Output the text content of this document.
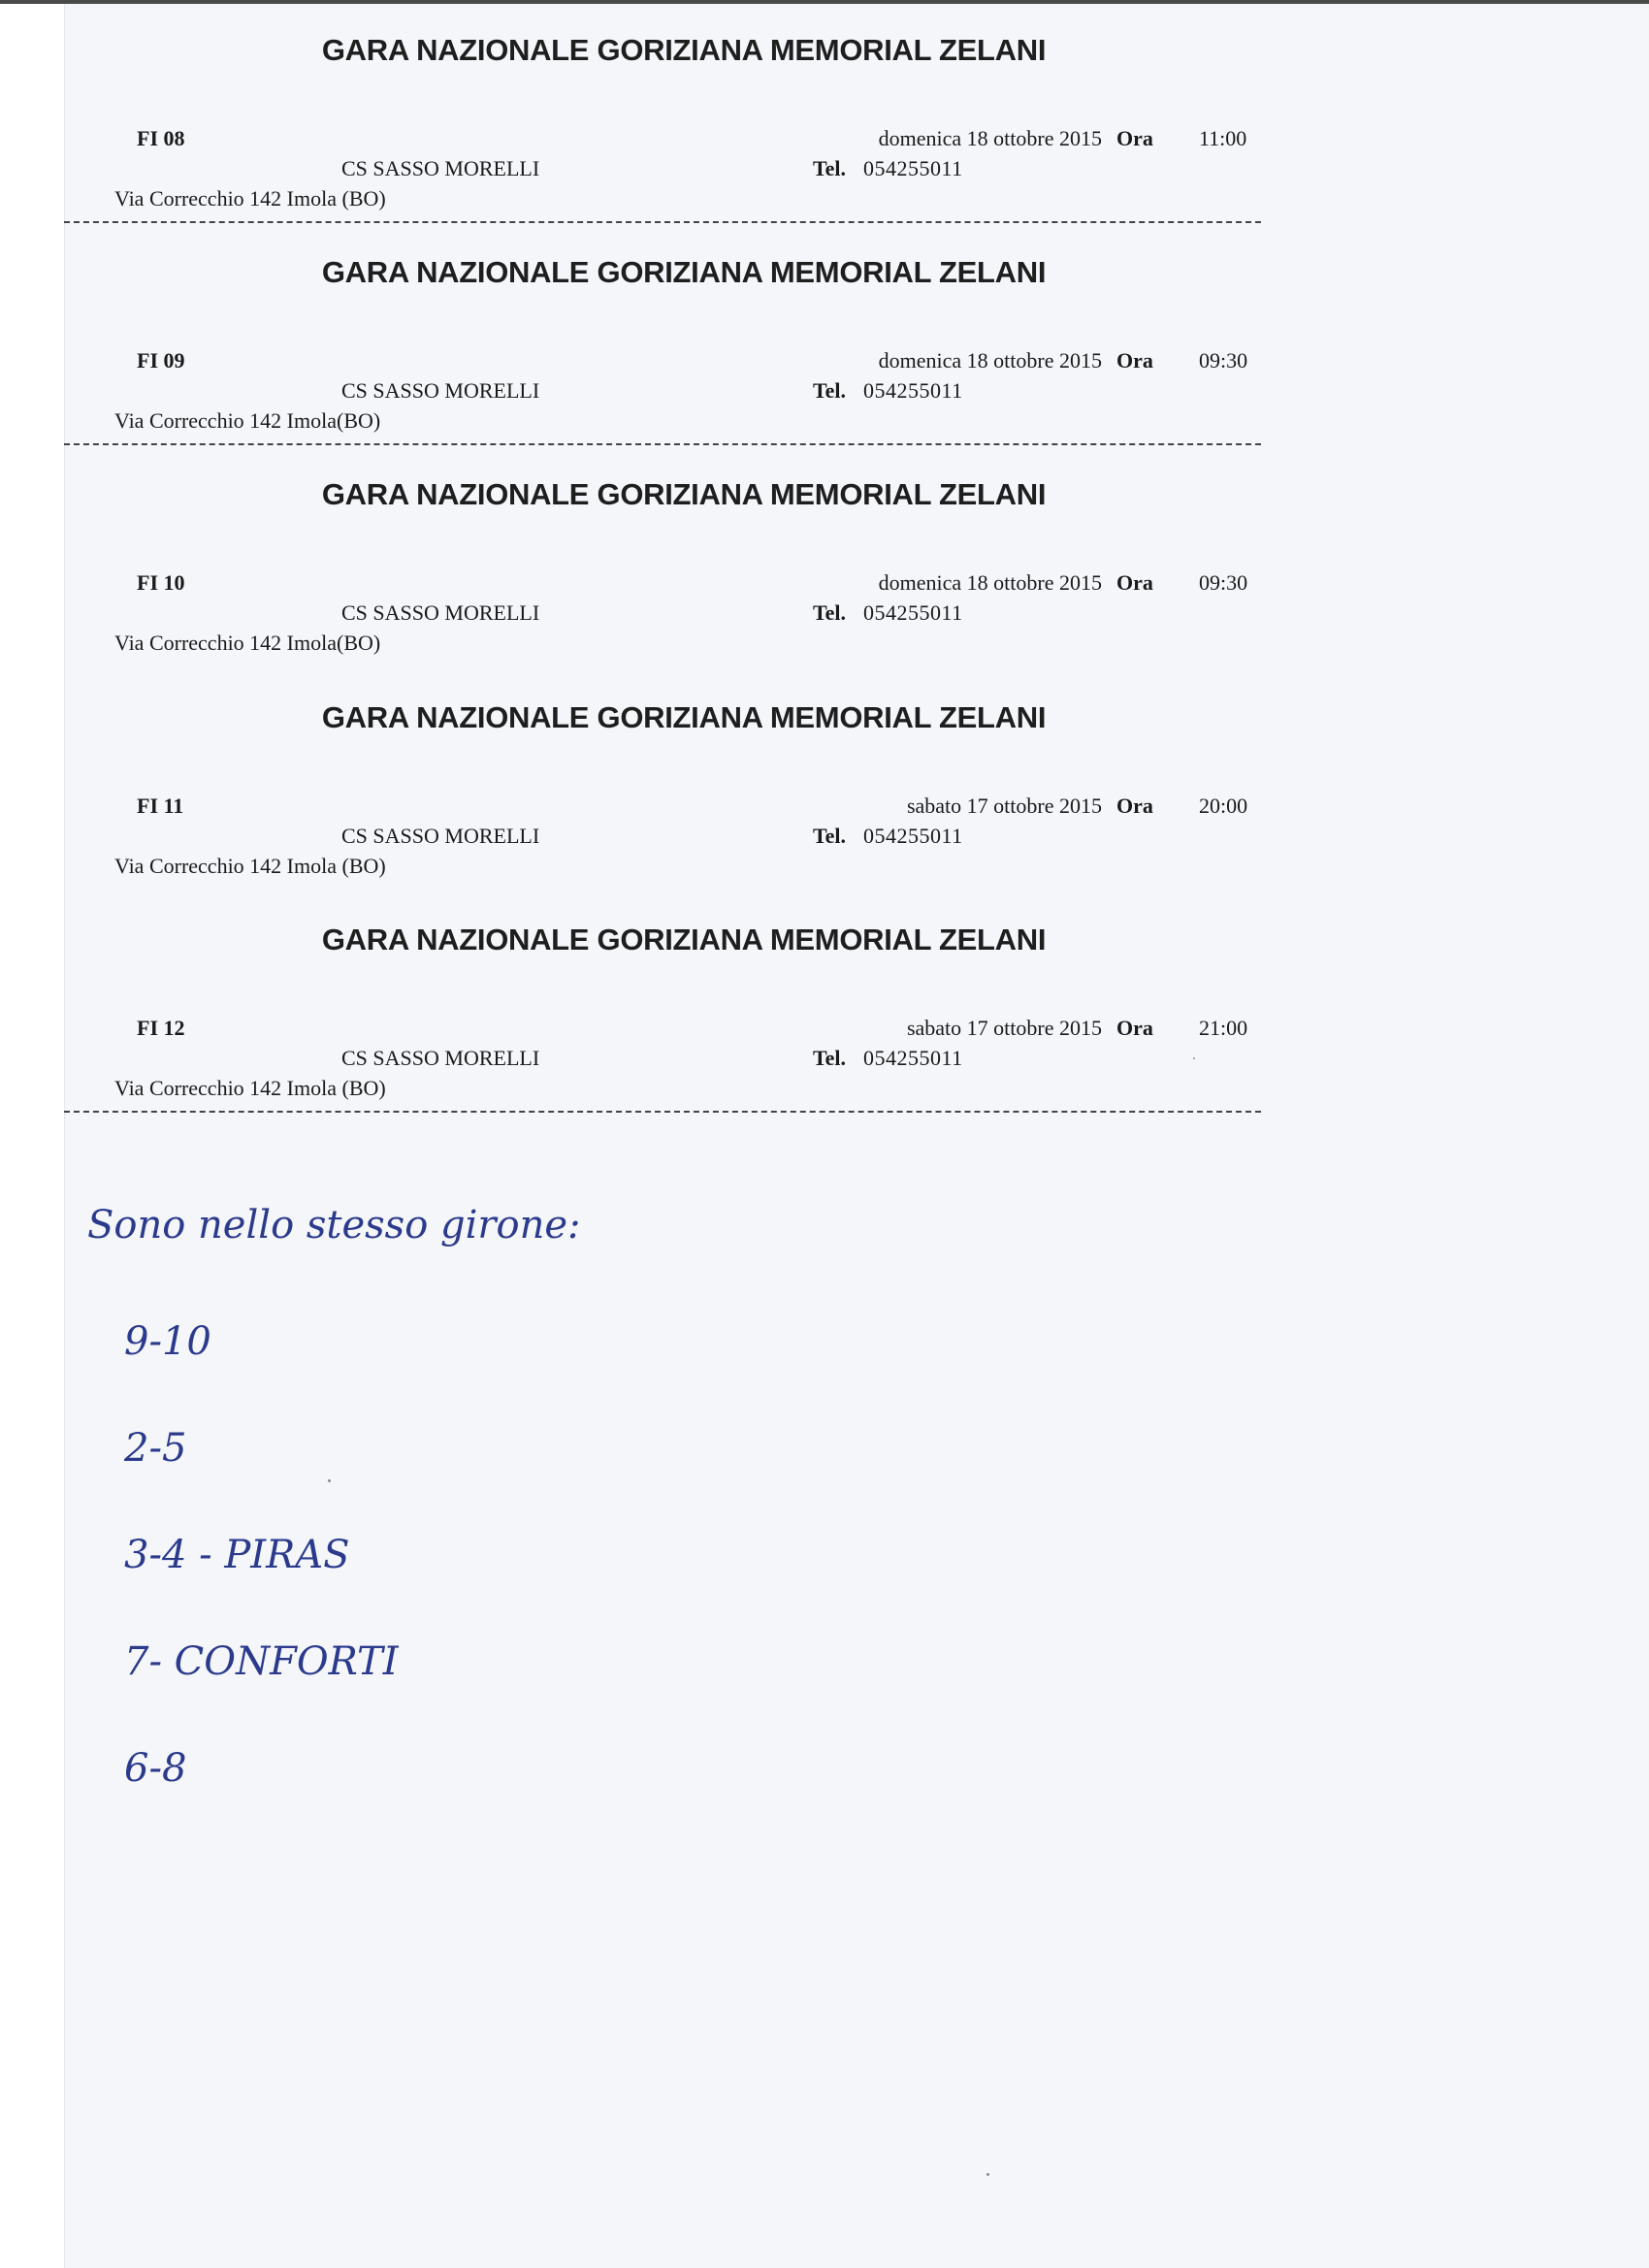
GARA NAZIONALE GORIZIANA MEMORIAL ZELANI
FI 08	domenica 18 ottobre 2015 Ora 11:00
CS SASSO MORELLI	Tel. 054255011
Via Correcchio 142 Imola (BO)
GARA NAZIONALE GORIZIANA MEMORIAL ZELANI
FI 09	domenica 18 ottobre 2015 Ora 09:30
CS SASSO MORELLI	Tel. 054255011
Via Correcchio 142 Imola(BO)
GARA NAZIONALE GORIZIANA MEMORIAL ZELANI
FI 10	domenica 18 ottobre 2015 Ora 09:30
CS SASSO MORELLI	Tel. 054255011
Via Correcchio 142 Imola(BO)
GARA NAZIONALE GORIZIANA MEMORIAL ZELANI
FI 11	sabato 17 ottobre 2015 Ora 20:00
CS SASSO MORELLI	Tel. 054255011
Via Correcchio 142 Imola (BO)
GARA NAZIONALE GORIZIANA MEMORIAL ZELANI
FI 12	sabato 17 ottobre 2015 Ora 21:00
CS SASSO MORELLI	Tel. 054255011
Via Correcchio 142 Imola (BO)
Sono nello stesso girone:
9-10
2-5
3-4 - PIRAS
7- CONFORTI
6-8
